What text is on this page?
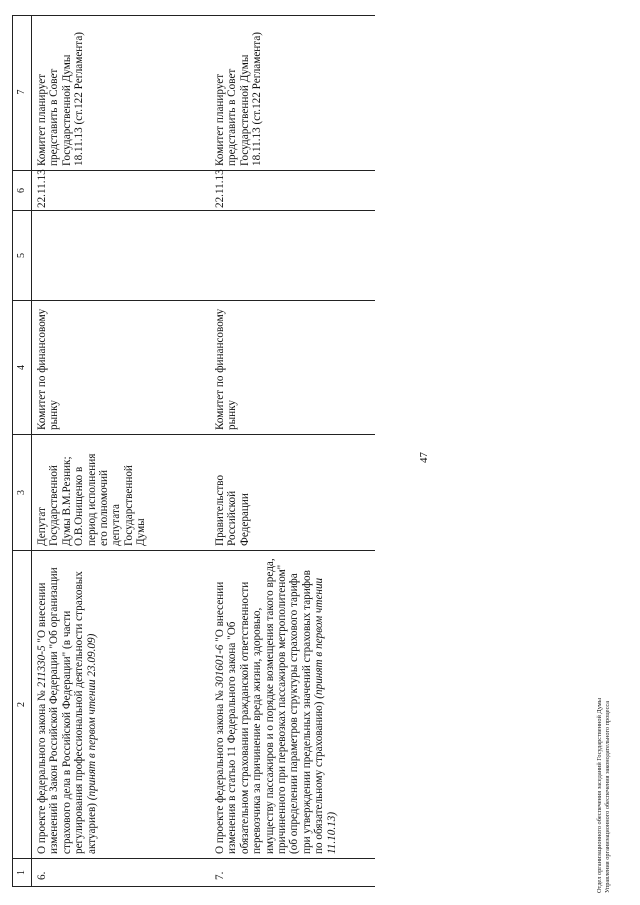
47
1
2
3
4
5
6
7
6.
О проекте федерального закона № 211330-5 "О внесении изменений в Закон Российской Федерации "Об организации страхового дела в Российской Федерации" (в части регулирования профессиональной деятельности страховых актуариев) (принят в первом чтении 23.09.09)
Депутат Государственной Думы В.М.Резник; О.В.Онищенко в период исполнения его полномочий депутата Государственной Думы
Комитет по финансовому рынку
22.11.13
Комитет планирует представить в Совет Государственной Думы 18.11.13 (ст.122 Регламента)
7.
О проекте федерального закона № 301601-6 "О внесении изменения в статью 11 Федерального закона "Об обязательном страховании гражданской ответственности перевозчика за причинение вреда жизни, здоровью, имуществу пассажиров и о порядке возмещения такого вреда, причиненного при перевозках пассажиров метрополитеном" (об определении параметров структуры страхового тарифа при утверждении предельных значений страховых тарифов по обязательному страхованию) (принят в первом чтении 11.10.13)
Правительство Российской Федерации
Комитет по финансовому рынку
22.11.13
Комитет планирует представить в Совет Государственной Думы 18.11.13 (ст.122 Регламента)
Отдел организационного обеспечения заседаний Государственной Думы Управления организационного обеспечения законодательного процесса
